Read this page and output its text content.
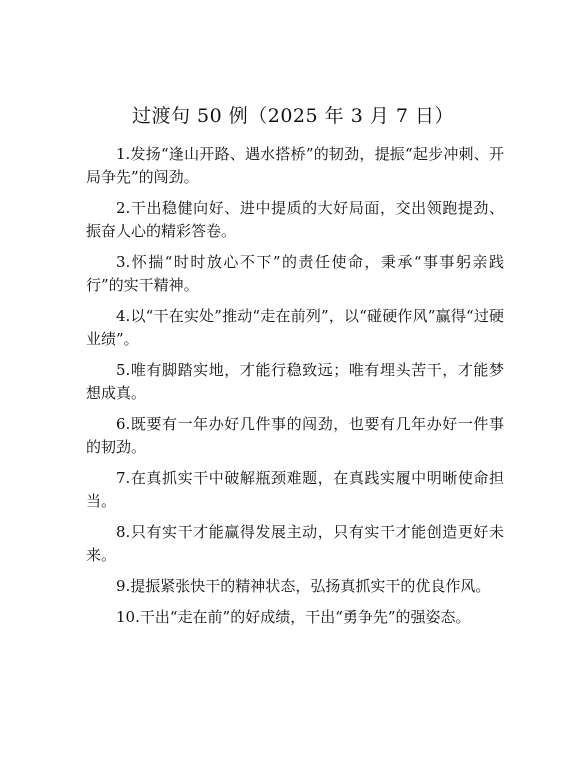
过渡句 50 例（2025 年 3 月 7 日）

1.发扬“逢山开路、遇水搭桥”的韧劲，提振“起步冲刺、开局争先”的闯劲。

2.干出稳健向好、进中提质的大好局面，交出领跑提劲、振奋人心的精彩答卷。

3.怀揣“时时放心不下”的责任使命，秉承“事事躬亲践行”的实干精神。

4.以“干在实处”推动“走在前列”，以“碰硬作风”赢得“过硬业绩”。

5.唯有脚踏实地，才能行稳致远；唯有埋头苦干，才能梦想成真。

6.既要有一年办好几件事的闯劲，也要有几年办好一件事的韧劲。

7.在真抓实干中破解瓶颈难题，在真践实履中明晰使命担当。

8.只有实干才能赢得发展主动，只有实干才能创造更好未来。

9.提振紧张快干的精神状态，弘扬真抓实干的优良作风。

10.干出“走在前”的好成绩，干出“勇争先”的强姿态。
